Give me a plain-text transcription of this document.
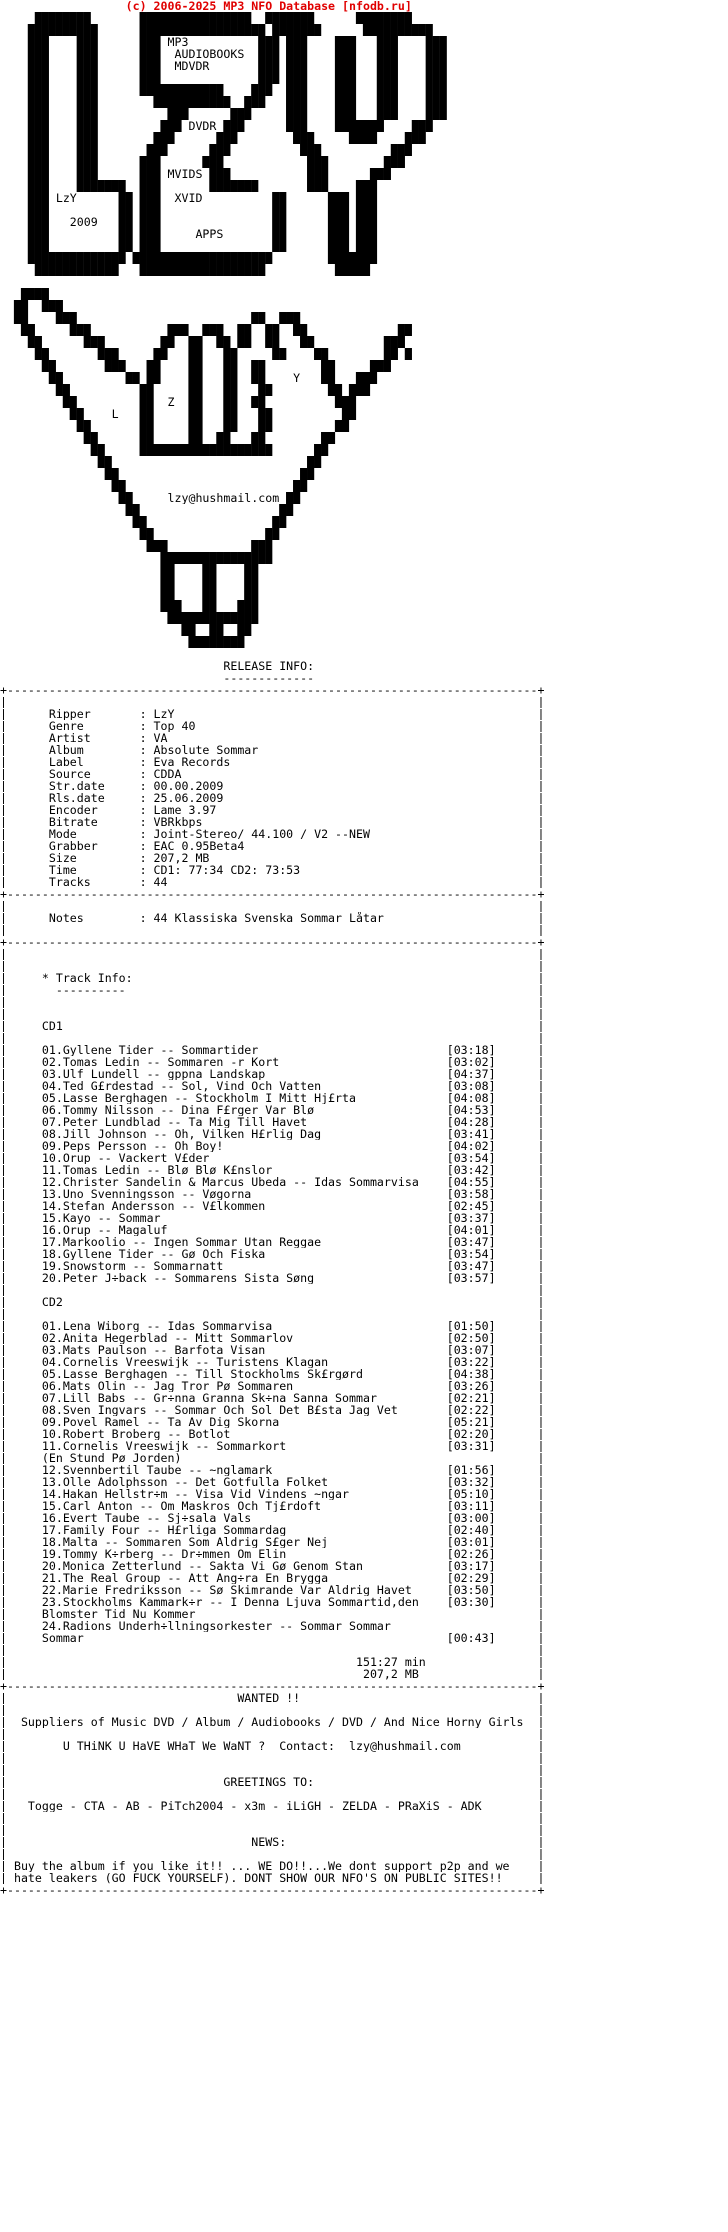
(c) 2006-2025 MP3 NFO Database [nfodb.ru]
████████       ████████████████  ███████      ████████
██████████      ██████████████████ ███████      ██████████
███    ███      ███ MP3          ███ ███    ███   ███    ███
███    ███      ███  AUDIOBOOKS  ███ ███    ███   ███    ███
███    ███      ███  MDVDR       ███ ███    ███   ███    ███
███    ███      ███              ███ ███    ███   ███    ███
███    ███      ████████████    ███  ███    ███   ███    ███
███    ███        ███████████  ███   ███    ███   ███    ███
███    ███          ███      ███     ███    ███   ███    ███
███    ███         ███ DVDR ███      ███    ███████    ███
███    ███        ███      ███        ███     ████    ███
███    ███       ███      ███          ███          ███
███    ███      ███      ███            ███        ███
███    ███      ███ MVIDS ███           ███      ███
███    ███████  ███       ███████       ███    ███
███ LzY      ██ ███  XVID          ██      ███ ███
███          ██ ███                ██      ███ ███
███   2009   ██ ███                ██      ███ ███
███          ██ ███     APPS       ██      ███ ███
███          ██ ███                ██      ███ ███
██████████████ ████████████████████        ███████
████████████   ██████████████████          █████
████
██  ███
██    ███                         ██  ███
██     ███           ███  ███  ██  ██  ██             ██
██      ███        ██  ██  ██ ██  ██   ██          ███
██       ███     ██   ██   ██     ██    ██        ██ █
██       ███   ██    ██   ██  ██        ██     ███
██         ██ ██    ██   ██  ██    Y   ██   ███
██          ██     ██   ██   ██        ██ ███
██         ██  Z  ██   ██  ██          ███
██    L   ██     ██   ██   ██          ██
██       ██     ██   ██   ██         ██
██      ██     ██  ██   ██        ██
██     ███████████████████      ██
██                            ██
██                          ██
██                        ██
██     lzy@hushmail.com ██
██                    ██
██                  ██
██                ██
███            ███
████████████████
██    ██    ██
██    ██    ██
██    ██    ██
███   ██   ███
█████████████
██  ██  ██
████████
RELEASE INFO:
-------------
+----------------------------------------------------------------------------+
|                                                                            |
|      Ripper       : LzY                                                    |
|      Genre        : Top 40                                                 |
|      Artist       : VA                                                     |
|      Album        : Absolute Sommar                                        |
|      Label        : Eva Records                                            |
|      Source       : CDDA                                                   |
|      Str.date     : 00.00.2009                                             |
|      Rls.date     : 25.06.2009                                             |
|      Encoder      : Lame 3.97                                              |
|      Bitrate      : VBRkbps                                                |
|      Mode         : Joint-Stereo/ 44.100 / V2 --NEW                        |
|      Grabber      : EAC 0.95Beta4                                          |
|      Size         : 207,2 MB                                               |
|      Time         : CD1: 77:34 CD2: 73:53                                  |
|      Tracks       : 44                                                     |
+----------------------------------------------------------------------------+
|                                                                            |
|      Notes        : 44 Klassiska Svenska Sommar Låtar                      |
|                                                                            |
+----------------------------------------------------------------------------+
|                                                                            |
|                                                                            |
|     * Track Info:                                                          |
|       ----------                                                           |
|                                                                            |
|                                                                            |
|     CD1                                                                    |
|                                                                            |
|     01.Gyllene Tider -- Sommartider                           [03:18]      |
|     02.Tomas Ledin -- Sommaren -r Kort                        [03:02]      |
|     03.Ulf Lundell -- gppna Landskap                          [04:37]      |
|     04.Ted G£rdestad -- Sol, Vind Och Vatten                  [03:08]      |
|     05.Lasse Berghagen -- Stockholm I Mitt Hj£rta             [04:08]      |
|     06.Tommy Nilsson -- Dina F£rger Var Blø                   [04:53]      |
|     07.Peter Lundblad -- Ta Mig Till Havet                    [04:28]      |
|     08.Jill Johnson -- Oh, Vilken H£rlig Dag                  [03:41]      |
|     09.Peps Persson -- Oh Boy!                                [04:02]      |
|     10.Orup -- Vackert V£der                                  [03:54]      |
|     11.Tomas Ledin -- Blø Blø K£nslor                         [03:42]      |
|     12.Christer Sandelin & Marcus Ubeda -- Idas Sommarvisa    [04:55]      |
|     13.Uno Svenningsson -- Vøgorna                            [03:58]      |
|     14.Stefan Andersson -- V£lkommen                          [02:45]      |
|     15.Kayo -- Sommar                                         [03:37]      |
|     16.Orup -- Magaluf                                        [04:01]      |
|     17.Markoolio -- Ingen Sommar Utan Reggae                  [03:47]      |
|     18.Gyllene Tider -- Gø Och Fiska                          [03:54]      |
|     19.Snowstorm -- Sommarnatt                                [03:47]      |
|     20.Peter J÷back -- Sommarens Sista Søng                   [03:57]      |
|                                                                            |
|     CD2                                                                    |
|                                                                            |
|     01.Lena Wiborg -- Idas Sommarvisa                         [01:50]      |
|     02.Anita Hegerblad -- Mitt Sommarlov                      [02:50]      |
|     03.Mats Paulson -- Barfota Visan                          [03:07]      |
|     04.Cornelis Vreeswijk -- Turistens Klagan                 [03:22]      |
|     05.Lasse Berghagen -- Till Stockholms Sk£rgørd            [04:38]      |
|     06.Mats Olin -- Jag Tror Pø Sommaren                      [03:26]      |
|     07.Lill Babs -- Gr÷nna Granna Sk÷na Sanna Sommar          [02:21]      |
|     08.Sven Ingvars -- Sommar Och Sol Det B£sta Jag Vet       [02:22]      |
|     09.Povel Ramel -- Ta Av Dig Skorna                        [05:21]      |
|     10.Robert Broberg -- Botlot                               [02:20]      |
|     11.Cornelis Vreeswijk -- Sommarkort                       [03:31]      |
|     (En Stund Pø Jorden)                                                   |
|     12.Svennbertil Taube -- ~nglamark                         [01:56]      |
|     13.Olle Adolphsson -- Det Gotfulla Folket                 [03:32]      |
|     14.Hakan Hellstr÷m -- Visa Vid Vindens ~ngar              [05:10]      |
|     15.Carl Anton -- Om Maskros Och Tj£rdoft                  [03:11]      |
|     16.Evert Taube -- Sj÷sala Vals                            [03:00]      |
|     17.Family Four -- H£rliga Sommardag                       [02:40]      |
|     18.Malta -- Sommaren Som Aldrig S£ger Nej                 [03:01]      |
|     19.Tommy K÷rberg -- Dr÷mmen Om Elin                       [02:26]      |
|     20.Monica Zetterlund -- Sakta Vi Gø Genom Stan            [03:17]      |
|     21.The Real Group -- Att Ang÷ra En Brygga                 [02:29]      |
|     22.Marie Fredriksson -- Sø Skimrande Var Aldrig Havet     [03:50]      |
|     23.Stockholms Kammark÷r -- I Denna Ljuva Sommartid,den    [03:30]      |
|     Blomster Tid Nu Kommer                                                 |
|     24.Radions Underh÷llningsorkester -- Sommar Sommar                     |
|     Sommar                                                    [00:43]      |
|                                                                            |
|                                                  151:27 min                |
|                                                   207,2 MB                 |
+----------------------------------------------------------------------------+
|                                 WANTED !!                                  |
|                                                                            |
|  Suppliers of Music DVD / Album / Audiobooks / DVD / And Nice Horny Girls  |
|                                                                            |
|        U THiNK U HaVE WHaT We WaNT ?  Contact:  lzy@hushmail.com           |
|                                                                            |
|                                                                            |
|                               GREETINGS TO:                                |
|                                                                            |
|   Togge - CTA - AB - PiTch2004 - x3m - iLiGH - ZELDA - PRaXiS - ADK        |
|                                                                            |
|                                                                            |
|                                   NEWS:                                    |
|                                                                            |
| Buy the album if you like it!! ... WE DO!!...We dont support p2p and we    |
| hate leakers (GO FUCK YOURSELF). DONT SHOW OUR NFO'S ON PUBLIC SITES!!     |
+----------------------------------------------------------------------------+
